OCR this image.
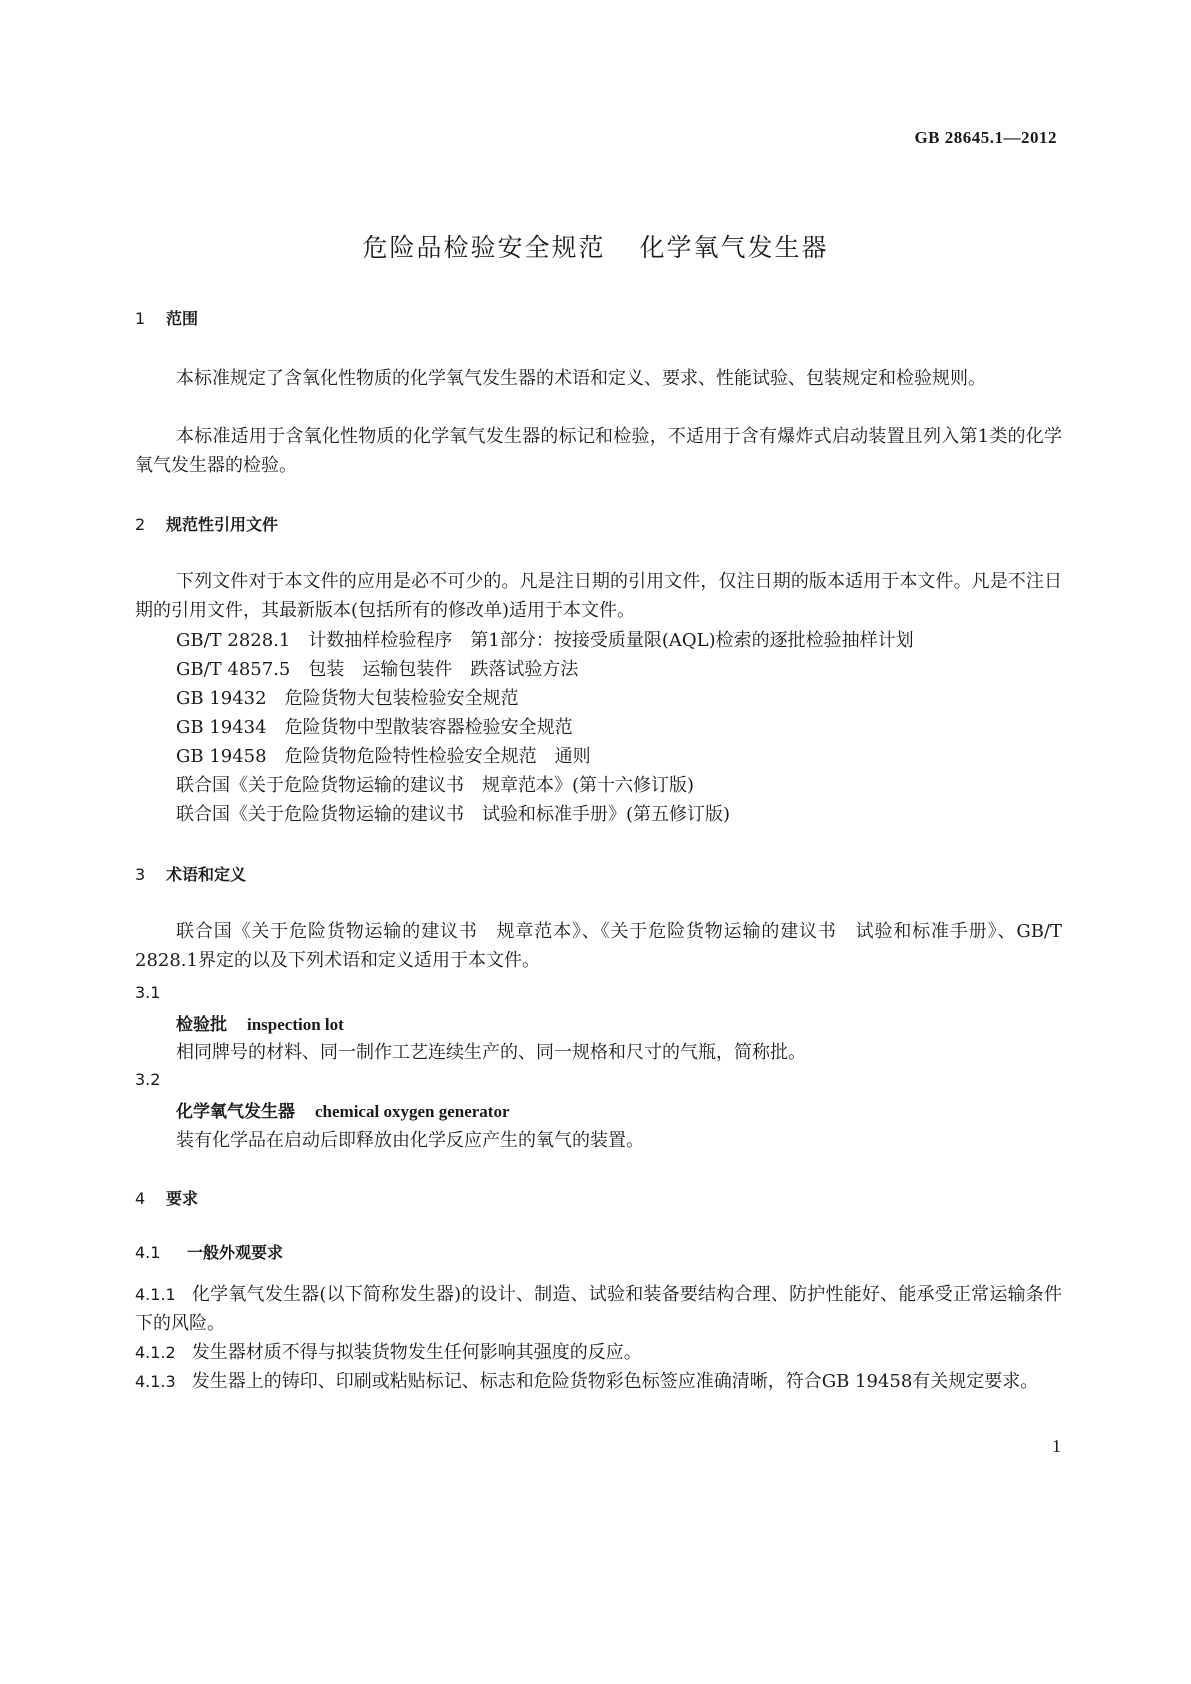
GB 28645.1—2012
危险品检验安全规范 化学氧气发生器
1 范围
本标准规定了含氧化性物质的化学氧气发生器的术语和定义、要求、性能试验、包装规定和检验规则。
本标准适用于含氧化性物质的化学氧气发生器的标记和检验，不适用于含有爆炸式启动装置且列入第1类的化学氧气发生器的检验。
2 规范性引用文件
下列文件对于本文件的应用是必不可少的。凡是注日期的引用文件，仅注日期的版本适用于本文件。凡是不注日期的引用文件，其最新版本(包括所有的修改单)适用于本文件。
GB/T 2828.1 计数抽样检验程序　第1部分：按接受质量限(AQL)检索的逐批检验抽样计划
GB/T 4857.5 包装　运输包装件　跌落试验方法
GB 19432 危险货物大包装检验安全规范
GB 19434 危险货物中型散装容器检验安全规范
GB 19458 危险货物危险特性检验安全规范　通则
联合国《关于危险货物运输的建议书　规章范本》(第十六修订版)
联合国《关于危险货物运输的建议书　试验和标准手册》(第五修订版)
3 术语和定义
联合国《关于危险货物运输的建议书　规章范本》、《关于危险货物运输的建议书　试验和标准手册》、GB/T 2828.1界定的以及下列术语和定义适用于本文件。
3.1
检验批 inspection lot
相同牌号的材料、同一制作工艺连续生产的、同一规格和尺寸的气瓶，简称批。
3.2
化学氧气发生器 chemical oxygen generator
装有化学品在启动后即释放由化学反应产生的氧气的装置。
4 要求
4.1 一般外观要求
4.1.1 化学氧气发生器(以下简称发生器)的设计、制造、试验和装备要结构合理、防护性能好、能承受正常运输条件下的风险。
4.1.2 发生器材质不得与拟装货物发生任何影响其强度的反应。
4.1.3 发生器上的铸印、印刷或粘贴标记、标志和危险货物彩色标签应准确清晰，符合GB 19458有关规定要求。
1
